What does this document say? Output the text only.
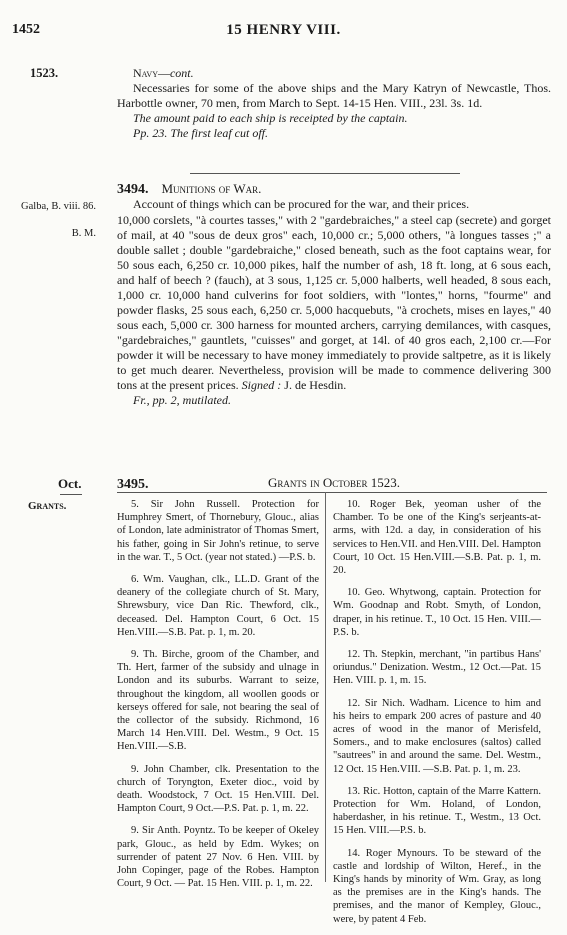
1452	15 HENRY VIII.
1523.	Navy—cont.
Necessaries for some of the above ships and the Mary Katryn of Newcastle, Thos. Harbottle owner, 70 men, from March to Sept. 14-15 Hen. VIII., 23l. 3s. 1d.
The amount paid to each ship is receipted by the captain.
Pp. 23. The first leaf cut off.
Galba, B. viii. 86.
B. M.
3494. Munitions of War.
Account of things which can be procured for the war, and their prices.
10,000 corslets, "à courtes tasses," with 2 "gardebraiches," a steel cap (secrete) and gorget of mail, at 40 "sous de deux gros" each, 10,000 cr.; 5,000 others, "à longues tasses ;" a double sallet ; double "gardebraiche," closed beneath, such as the foot captains wear, for 50 sous each, 6,250 cr. 10,000 pikes, half the number of ash, 18 ft. long, at 6 sous each, and half of beech ? (fauch), at 3 sous, 1,125 cr. 5,000 halberts, well headed, 8 sous each, 1,000 cr. 10,000 hand culverins for foot soldiers, with "lontes," horns, "fourme" and powder flasks, 25 sous each, 6,250 cr. 5,000 hacquebuts, "à crochets, mises en layes," 40 sous each, 5,000 cr. 300 harness for mounted archers, carrying demilances, with casques, "gardebraiches," gauntlets, "cuisses" and gorget, at 14l. of 40 gros each, 2,100 cr.—For powder it will be necessary to have money immediately to provide saltpetre, as it is likely to get much dearer. Nevertheless, provision will be made to commence delivering 300 tons at the present prices. Signed : J. de Hesdin.
Fr., pp. 2, mutilated.
Oct.
Grants.
3495.	Grants in October 1523.

5. Sir John Russell. Protection for Humphrey Smert, of Thornebury, Glouc., alias of London, late administrator of Thomas Smert, his father, going in Sir John's retinue, to serve in the war. T., 5 Oct. (year not stated.) —P.S. b.

6. Wm. Vaughan, clk., LL.D. Grant of the deanery of the collegiate church of St. Mary, Shrewsbury, vice Dan Ric. Thewford, clk., deceased. Del. Hampton Court, 6 Oct. 15 Hen.VIII.—S.B. Pat. p. 1, m. 20.

9. Th. Birche, groom of the Chamber, and Th. Hert, farmer of the subsidy and ulnage in London and its suburbs. Warrant to seize, throughout the kingdom, all woollen goods or kerseys offered for sale, not bearing the seal of the collector of the subsidy. Richmond, 16 March 14 Hen.VIII. Del. Westm., 9 Oct. 15 Hen.VIII.—S.B.

9. John Chamber, clk. Presentation to the church of Toryngton, Exeter dioc., void by death. Woodstock, 7 Oct. 15 Hen.VIII. Del. Hampton Court, 9 Oct.—P.S. Pat. p. 1, m. 22.

9. Sir Anth. Poyntz. To be keeper of Okeley park, Glouc., as held by Edm. Wykes; on surrender of patent 27 Nov. 6 Hen. VIII. by John Copinger, page of the Robes. Hampton Court, 9 Oct. — Pat. 15 Hen. VIII. p. 1, m. 22.

10. Roger Bek, yeoman usher of the Chamber. To be one of the King's serjeants-at-arms, with 12d. a day, in consideration of his services to Hen.VII. and Hen.VIII. Del. Hampton Court, 10 Oct. 15 Hen.VIII.—S.B. Pat. p. 1, m. 20.

10. Geo. Whytwong, captain. Protection for Wm. Goodnap and Robt. Smyth, of London, draper, in his retinue. T., 10 Oct. 15 Hen. VIII.—P.S. b.

12. Th. Stepkin, merchant, "in partibus Hans' oriundus." Denization. Westm., 12 Oct.—Pat. 15 Hen. VIII. p. 1, m. 15.

12. Sir Nich. Wadham. Licence to him and his heirs to empark 200 acres of pasture and 40 acres of wood in the manor of Merisfeld, Somers., and to make enclosures (saltos) called "sautrees" in and around the same. Del. Westm., 12 Oct. 15 Hen.VIII. —S.B. Pat. p. 1, m. 23.

13. Ric. Hotton, captain of the Marre Kattern. Protection for Wm. Holand, of London, haberdasher, in his retinue. T., Westm., 13 Oct. 15 Hen. VIII.—P.S. b.

14. Roger Mynours. To be steward of the castle and lordship of Wilton, Heref., in the King's hands by minority of Wm. Gray, as long as the premises are in the King's hands. The premises, and the manor of Kempley, Glouc., were, by patent 4 Feb.
